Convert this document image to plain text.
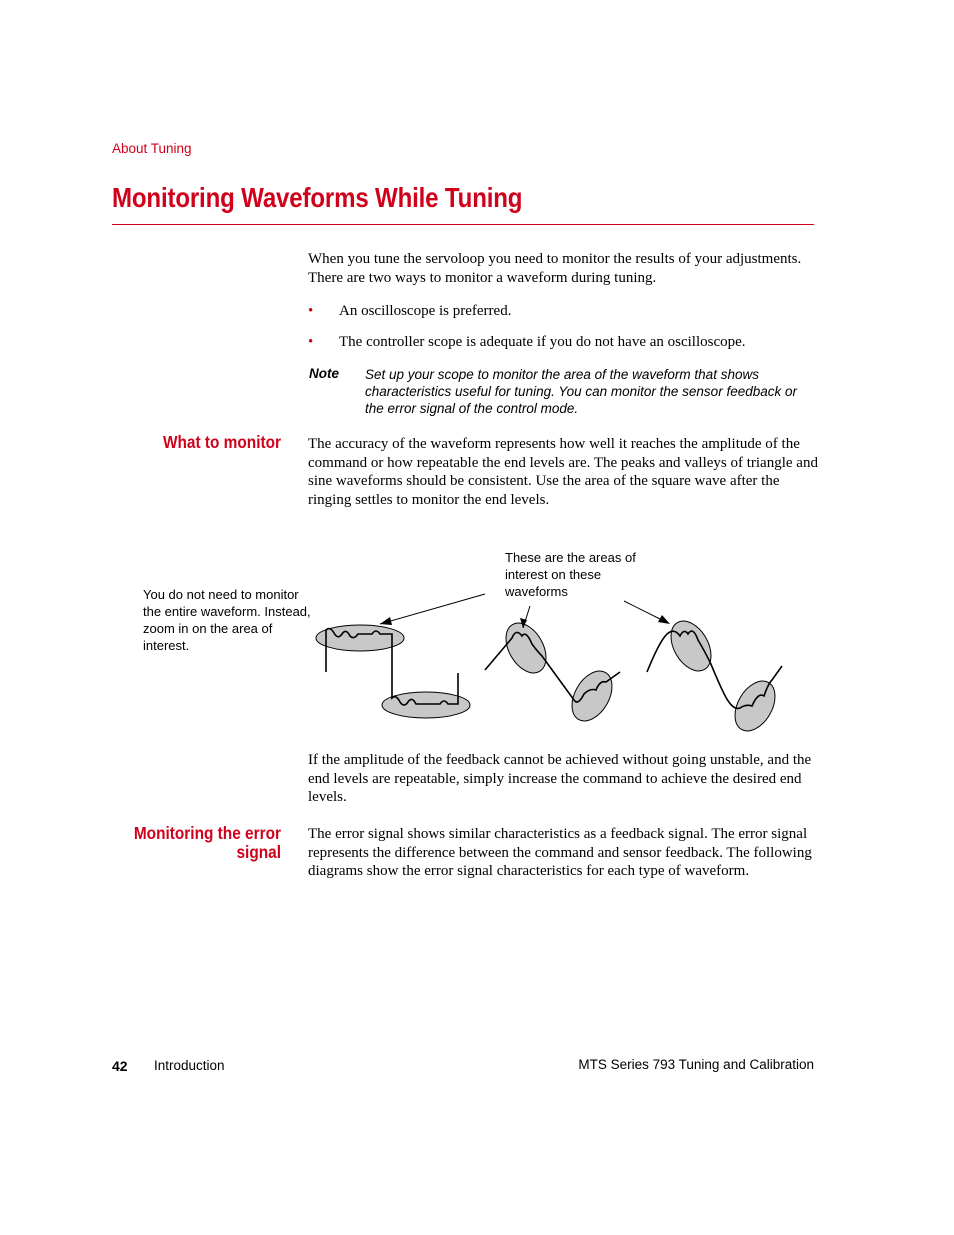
About Tuning
Monitoring Waveforms While Tuning
When you tune the servoloop you need to monitor the results of your adjustments. There are two ways to monitor a waveform during tuning.
• An oscilloscope is preferred.
• The controller scope is adequate if you do not have an oscilloscope.
Note Set up your scope to monitor the area of the waveform that shows characteristics useful for tuning. You can monitor the sensor feedback or the error signal of the control mode.
What to monitor The accuracy of the waveform represents how well it reaches the amplitude of the command or how repeatable the end levels are. The peaks and valleys of triangle and sine waveforms should be consistent. Use the area of the square wave after the ringing settles to monitor the end levels.
You do not need to monitor the entire waveform. Instead, zoom in on the area of interest.
These are the areas of interest on these waveforms
If the amplitude of the feedback cannot be achieved without going unstable, and the end levels are repeatable, simply increase the command to achieve the desired end levels.
Monitoring the error signal
The error signal shows similar characteristics as a feedback signal. The error signal represents the difference between the command and sensor feedback. The following diagrams show the error signal characteristics for each type of waveform.
42 Introduction	MTS Series 793 Tuning and Calibration
